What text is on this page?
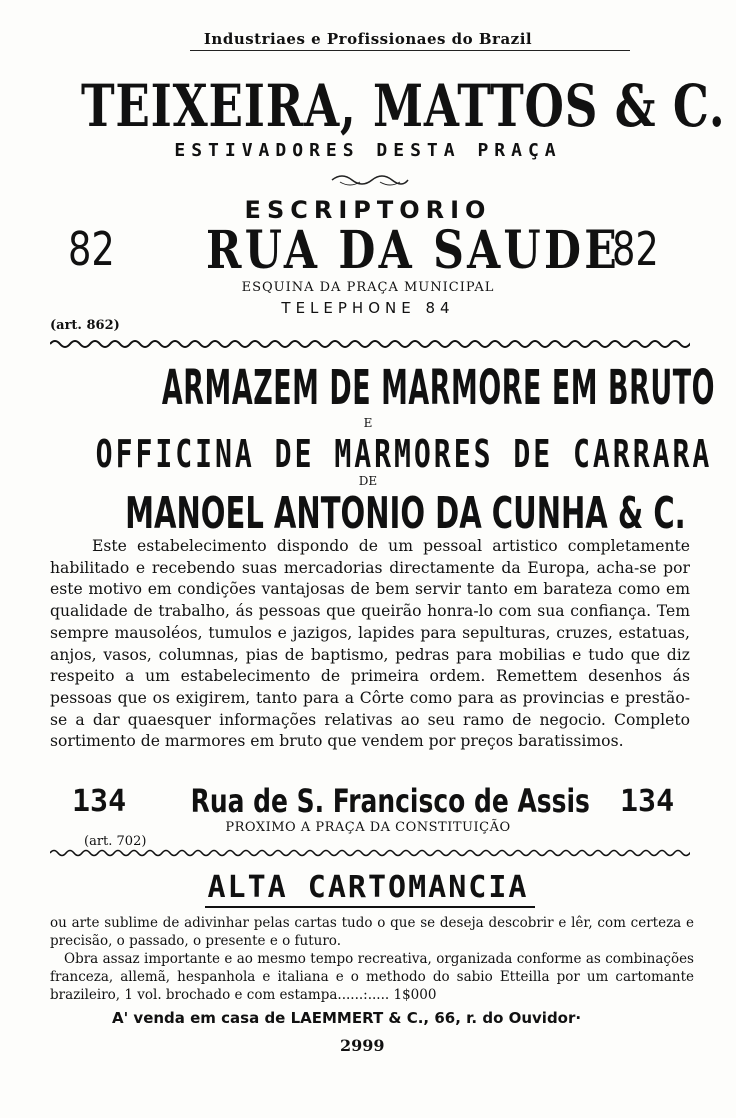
Industriaes e Profissionaes do Brazil
TEIXEIRA, MATTOS & C.
ESTIVADORES DESTA PRAÇA
ESCRIPTORIO
82 RUA DA SAUDE
82
ESQUINA DA PRAÇA MUNICIPAL
TELEPHONE 84
(art. 862)
ARMAZEM DE MARMORE EM BRUTO
E
OFFICINA DE MARMORES DE CARRARA
DE
MANOEL ANTONIO DA CUNHA & C.
Este estabelecimento dispondo de um pessoal artistico completamente habilitado e recebendo suas mercadorias directamente da Europa, acha-se por este motivo em condições vantajosas de bem servir tanto em barateza como em qualidade de trabalho, ás pessoas que queirão honra-lo com sua confiança. Tem sempre mausoléos, tumulos e jazigos, lapides para sepulturas, cruzes, estatuas, anjos, vasos, columnas, pias de baptismo, pedras para mobilias e tudo que diz respeito a um estabelecimento de primeira ordem. Remettem desenhos ás pessoas que os exigirem, tanto para a Côrte como para as provincias e prestão-se a dar quaesquer informações relativas ao seu ramo de negocio. Completo sortimento de marmores em bruto que vendem por preços baratissimos.
134 Rua de S. Francisco de Assis 134
PROXIMO A PRAÇA DA CONSTITUIÇÃO
(art. 702)
ALTA CARTOMANCIA
ou arte sublime de adivinhar pelas cartas tudo o que se deseja descobrir e lêr, com certeza e precisão, o passado, o presente e o futuro.
Obra assaz importante e ao mesmo tempo recreativa, organizada conforme as combinações franceza, allemã, hespanhola e italiana e o methodo do sabio Etteilla por um cartomante brazileiro, 1 vol. brochado e com estampa......:..... 1$000
A' venda em casa de LAEMMERT & C., 66, r. do Ouvidor·
2999
